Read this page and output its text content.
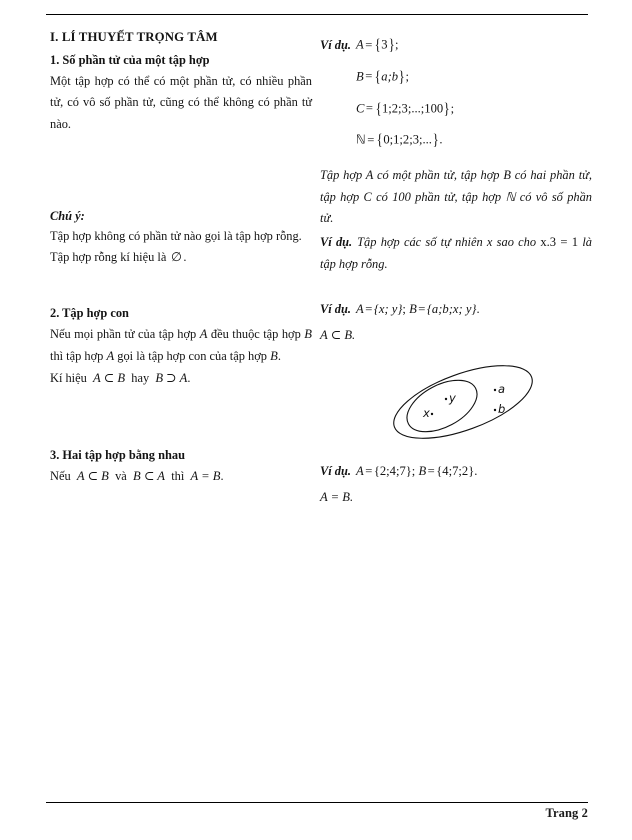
I. LÍ THUYẾT TRỌNG TÂM
1. Số phần tử của một tập hợp

Một tập hợp có thể có một phần tử, có nhiều phần tử, có vô số phần tử, cũng có thể không có phần tử nào.

Chú ý:

Tập hợp không có phần tử nào gọi là tập hợp rỗng.

Tập hợp rỗng kí hiệu là ∅ .

2. Tập hợp con

Nếu mọi phần tử của tập hợp A đều thuộc tập hợp B thì tập hợp A gọi là tập hợp con của tập hợp B.

Kí hiệu A ⊂ B hay B ⊃ A.

3. Hai tập hợp bằng nhau

Nếu A ⊂ B và B ⊂ A thì A = B.

Ví dụ. A = {3};
B = {a;b};
C = {1;2;3;...;100};
ℕ = {0;1;2;3;...}.

Tập hợp A có một phần tử, tập hợp B có hai phần tử, tập hợp C có 100 phần tử, tập hợp ℕ có vô số phần tử.

Ví dụ. Tập hợp các số tự nhiên x sao cho x.3 = 1 là tập hợp rỗng.

Ví dụ. A = {x; y}; B = {a;b;x; y}.
A ⊂ B.
y
x
a
b
Ví dụ. A = {2;4;7}; B = {4;7;2}.
A = B.
Trang 2
